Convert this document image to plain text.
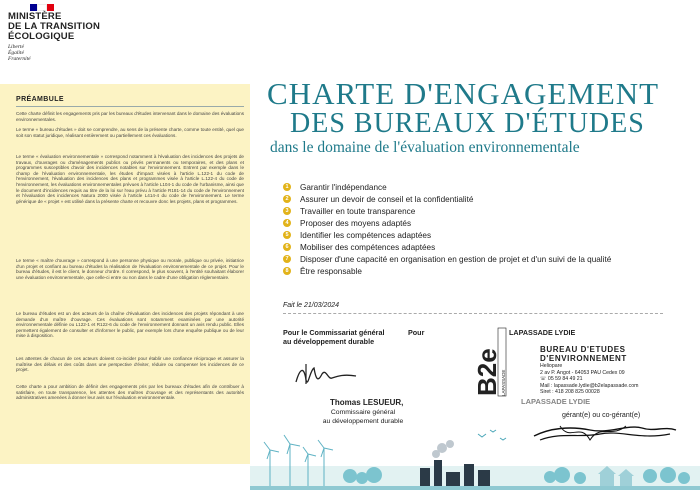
MINISTÈRE
DE LA TRANSITION
ÉCOLOGIQUE
Liberté
Égalité
Fraternité
PRÉAMBULE
Cette charte définit les engagements pris par les bureaux d'études intervenant dans le domaine des évaluations environnementales.
Le terme « bureau d'études » doit se comprendre, au sens de la présente charte, comme toute entité, quel que soit son statut juridique, réalisant entièrement ou partiellement ces évaluations.
Le terme « évaluation environnementale » correspond notamment à l'évaluation des incidences des projets de travaux, d'ouvrages ou d'aménagements publics ou privés permanents ou temporaires, et des plans et programmes susceptibles d'avoir des incidences notables sur l'environnement. Entrent par exemple dans le champ de l'évaluation environnementale, les études d'impact visées à l'article L.122-1 du code de l'environnement, l'évaluation des incidences des plans et programmes visée à l'article L.122-4 du code de l'environnement, les évaluations environnementales prévues à l'article L104-1 du code de l'urbanisme, ainsi que le document d'incidences requis au titre de la loi sur l'eau prévu à l'article R181-14 du code de l'environnement et l'évaluation des incidences Natura 2000 visée à l'article L414-4 du code de l'environnement. Le terme générique de « projet » est utilisé dans la présente charte et recouvre donc les projets, plans et programmes.
Le terme « maître d'ouvrage » correspond à une personne physique ou morale, publique ou privée, initiatrice d'un projet et confiant au bureau d'études la réalisation de l'évaluation environnementale de ce projet. Pour le bureau d'études, il est le client, le donneur d'ordre. Il correspond, le plus souvent, à l'entité souhaitant élaborer une évaluation environnementale, que celle-ci entre ou non dans le cadre d'une obligation réglementaire.
Le bureau d'études est un des acteurs de la chaîne d'évaluation des incidences des projets répondant à une demande d'un maître d'ouvrage. Ces évaluations sont notamment examinées par une autorité environnementale définie ou L122-1 et R122-6 du code de l'environnement donnant un avis rendu public. Elles permettent également de consulter et d'informer le public, par exemple lors d'une enquête publique ou de leur mise à disposition.
Les attentes de chacun de ces acteurs doivent co-incider pour établir une confiance réciproque et assurer la maîtrise des délais et des coûts dans une perspective d'éviter, réduire ou compenser les incidences de ce projet.
Cette charte a pour ambition de définir des engagements pris par les bureaux d'études afin de contribuer à satisfaire, en toute transparence, les attentes des maîtres d'ouvrage et des représentants des autorités administratives amenées à donner leur avis sur l'évaluation environnementale.
CHARTE D'ENGAGEMENT
DES BUREAUX D'ÉTUDES
dans le domaine de l'évaluation environnementale
1	Garantir l'indépendance
2	Assurer un devoir de conseil et la confidentialité
3	Travailler en toute transparence
4	Proposer des moyens adaptés
5	Identifier les compétences adaptées
6	Mobiliser des compétences adaptées
7	Disposer d'une capacité en organisation en gestion de projet et d'un suivi de la qualité
8	Être responsable
Fait le 21/03/2024
Pour le Commissariat général
au développement durable
Pour	LAPASSADE LYDIE
Thomas LESUEUR,
Commissaire général
au développement durable
B2e LAPASSADE
BUREAU D'ETUDES
D'ENVIRONNEMENT
Heliopare
2 av P. Angot - 64053 PAU Cedex 09
☏ 05 59 84 49 21
Mail : lapassade.lydie@b2elapassade.com
Siret : 418 208 825 00028
LAPASSADE LYDIE
gérant(e) ou co-gérant(e)
